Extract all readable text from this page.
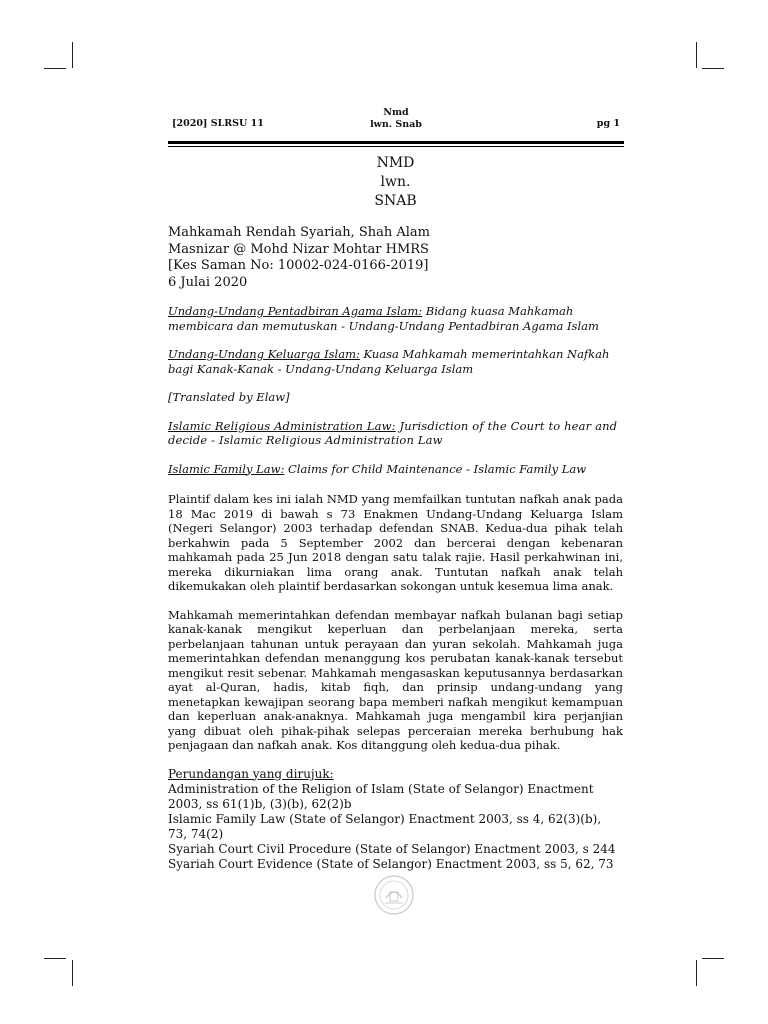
[2020] SLRSU 11
Nmd
lwn. Snab	pg 1
NMD
lwn.
SNAB
Mahkamah Rendah Syariah, Shah Alam
Masnizar @ Mohd Nizar Mohtar HMRS
[Kes Saman No: 10002-024-0166-2019]
6 Julai 2020
Undang-Undang Pentadbiran Agama Islam: Bidang kuasa Mahkamah membicara dan memutuskan - Undang-Undang Pentadbiran Agama Islam
Undang-Undang Keluarga Islam: Kuasa Mahkamah memerintahkan Nafkah bagi Kanak-Kanak - Undang-Undang Keluarga Islam
[Translated by Elaw]
Islamic Religious Administration Law: Jurisdiction of the Court to hear and decide - Islamic Religious Administration Law
Islamic Family Law: Claims for Child Maintenance - Islamic Family Law

Plaintif dalam kes ini ialah NMD yang memfailkan tuntutan nafkah anak pada 18 Mac 2019 di bawah s 73 Enakmen Undang-Undang Keluarga Islam (Negeri Selangor) 2003 terhadap defendan SNAB. Kedua-dua pihak telah berkahwin pada 5 September 2002 dan bercerai dengan kebenaran mahkamah pada 25 Jun 2018 dengan satu talak rajie. Hasil perkahwinan ini, mereka dikurniakan lima orang anak. Tuntutan nafkah anak telah dikemukakan oleh plaintif berdasarkan sokongan untuk kesemua lima anak.

Mahkamah memerintahkan defendan membayar nafkah bulanan bagi setiap kanak-kanak mengikut keperluan dan perbelanjaan mereka, serta perbelanjaan tahunan untuk perayaan dan yuran sekolah. Mahkamah juga memerintahkan defendan menanggung kos perubatan kanak-kanak tersebut mengikut resit sebenar. Mahkamah mengasaskan keputusannya berdasarkan ayat al-Quran, hadis, kitab fiqh, dan prinsip undang-undang yang menetapkan kewajipan seorang bapa memberi nafkah mengikut kemampuan dan keperluan anak-anaknya. Mahkamah juga mengambil kira perjanjian yang dibuat oleh pihak-pihak selepas perceraian mereka berhubung hak penjagaan dan nafkah anak. Kos ditanggung oleh kedua-dua pihak.

Perundangan yang dirujuk:
Administration of the Religion of Islam (State of Selangor) Enactment 2003, ss 61(1)b, (3)(b), 62(2)b
Islamic Family Law (State of Selangor) Enactment 2003, ss 4, 62(3)(b), 73, 74(2)
Syariah Court Civil Procedure (State of Selangor) Enactment 2003, s 244
Syariah Court Evidence (State of Selangor) Enactment 2003, ss 5, 62, 73
